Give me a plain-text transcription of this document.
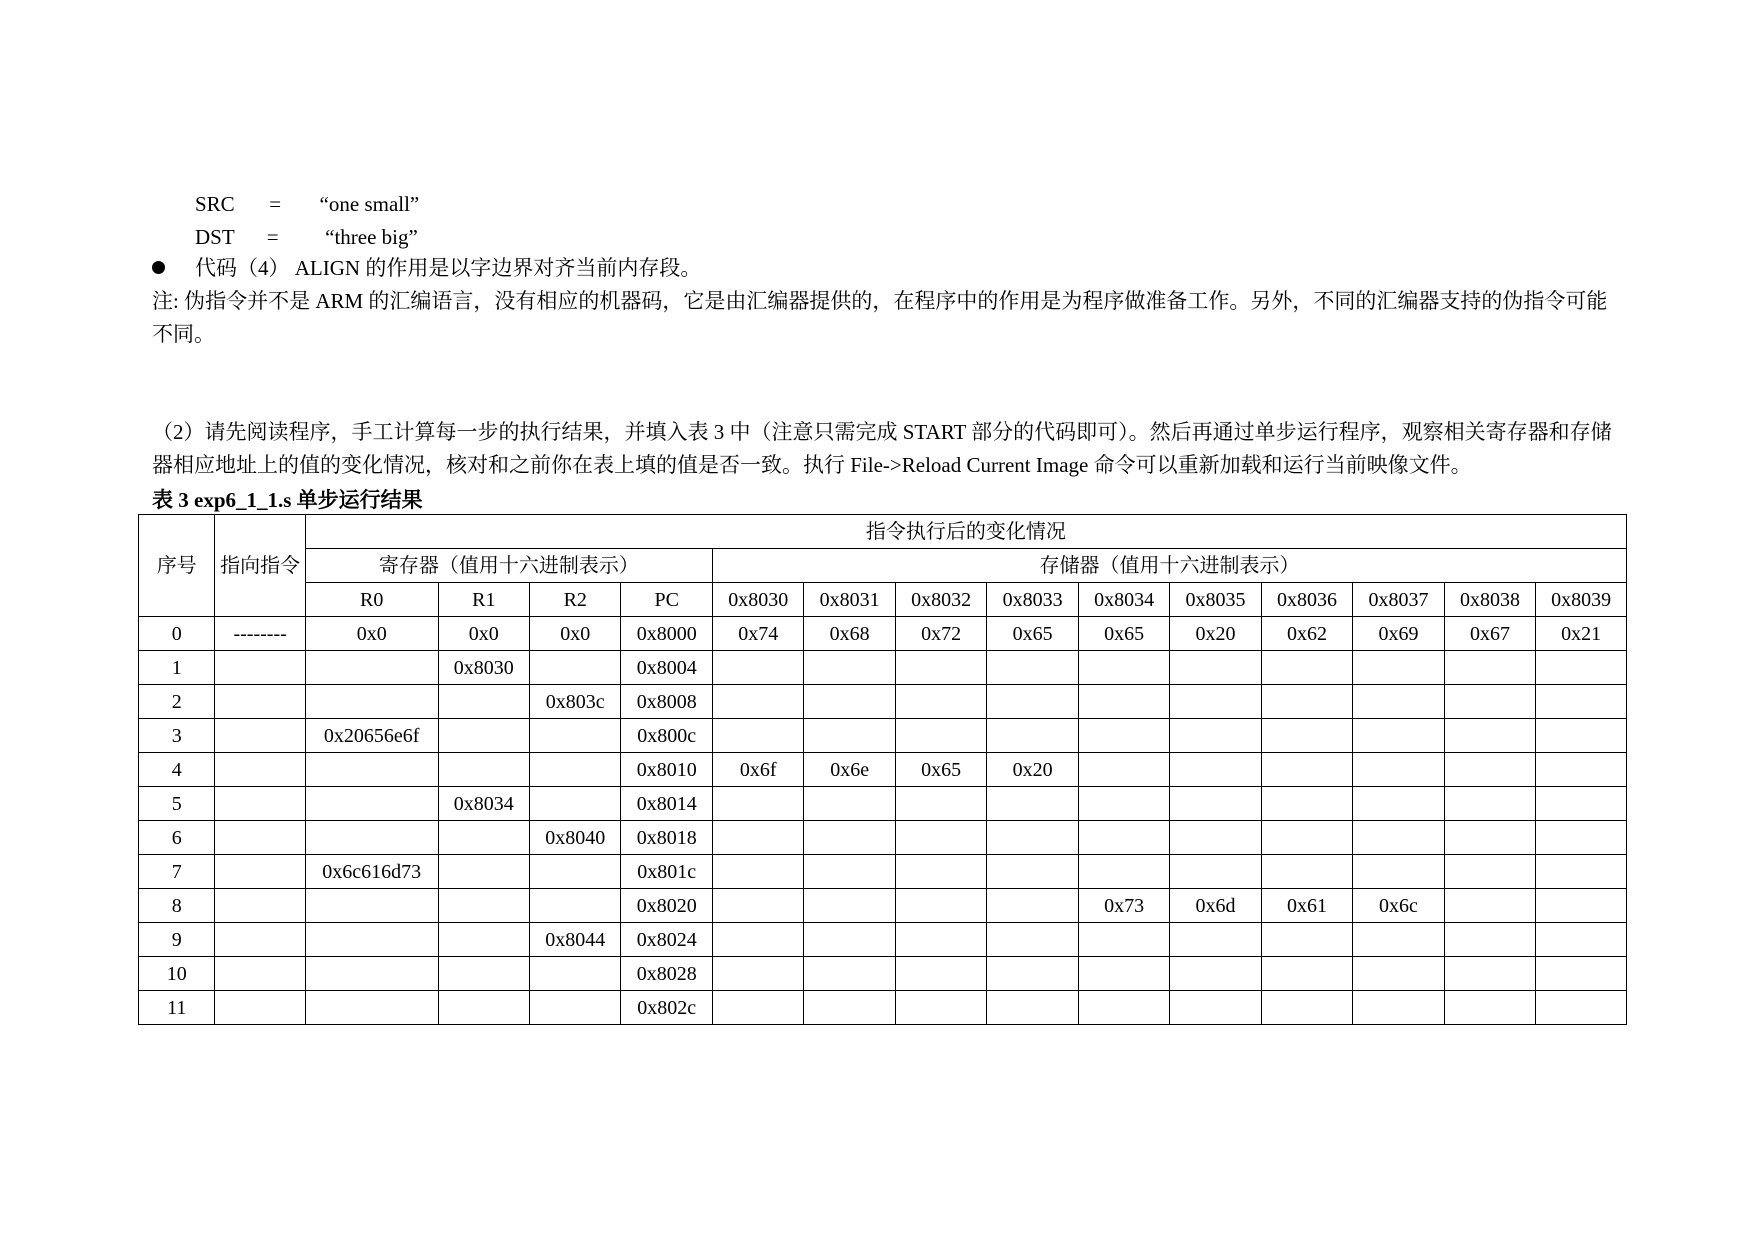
SRC = “one small”
DST = “three big”
代码（4） ALIGN 的作用是以字边界对齐当前内存段。
注: 伪指令并不是 ARM 的汇编语言，没有相应的机器码，它是由汇编器提供的，在程序中的作用是为程序做准备工作。另外，不同的汇编器支持的伪指令可能不同。
（2）请先阅读程序，手工计算每一步的执行结果，并填入表 3 中（注意只需完成 START 部分的代码即可）。然后再通过单步运行程序，观察相关寄存器和存储器相应地址上的值的变化情况，核对和之前你在表上填的值是否一致。执行 File->Reload Current Image 命令可以重新加载和运行当前映像文件。
表 3 exp6_1_1.s 单步运行结果
序号	指向指令	指令执行后的变化情况													
		寄存器（值用十六进制表示）				存储器（值用十六进制表示）									
		R0	R1	R2	PC	0x8030	0x8031	0x8032	0x8033	0x8034	0x8035	0x8036	0x8037	0x8038	0x8039
0	--------	0x0	0x0	0x0	0x8000	0x74	0x68	0x72	0x65	0x65	0x20	0x62	0x69	0x67	0x21
1			0x8030		0x8004										
2				0x803c	0x8008										
3		0x20656e6f			0x800c										
4					0x8010	0x6f	0x6e	0x65	0x20						
5			0x8034		0x8014										
6				0x8040	0x8018										
7		0x6c616d73			0x801c										
8					0x8020					0x73	0x6d	0x61	0x6c		
9				0x8044	0x8024										
10					0x8028										
11					0x802c										
